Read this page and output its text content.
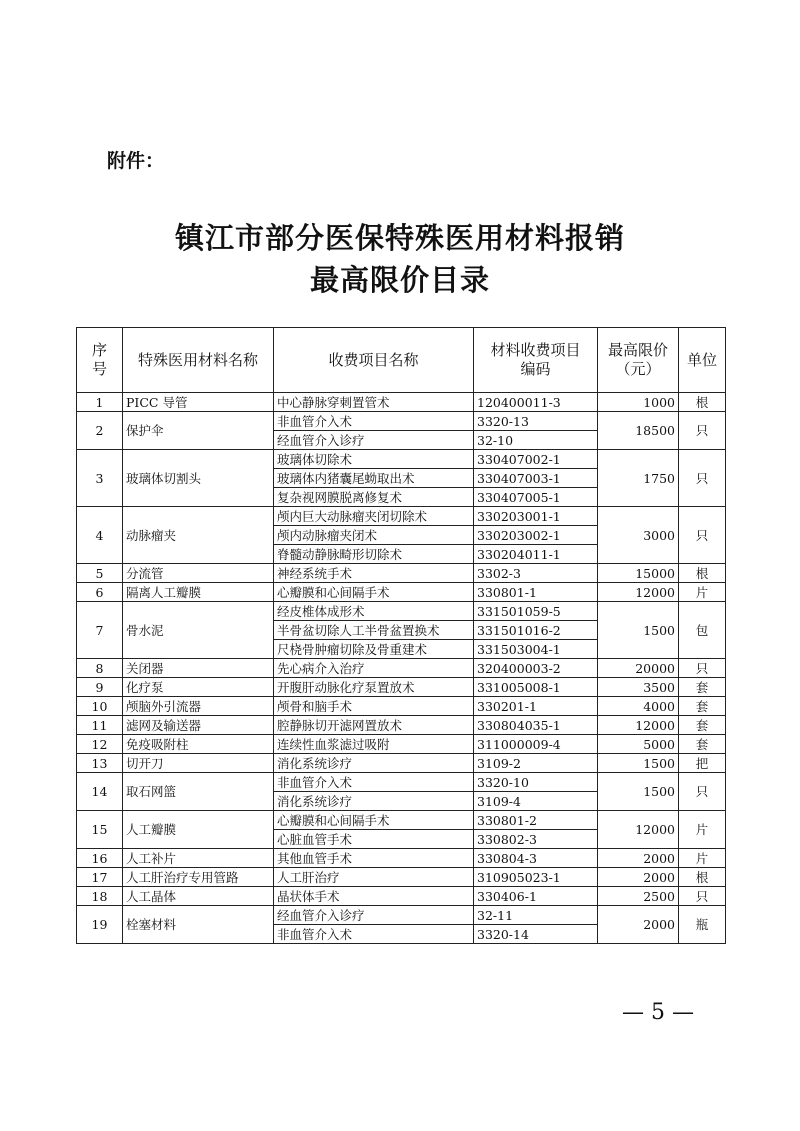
附件：
镇江市部分医保特殊医用材料报销
最高限价目录
序号	特殊医用材料名称	收费项目名称	材料收费项目编码	最高限价（元）	单位
1	PICC 导管	中心静脉穿刺置管术	120400011-3	1000	根
2	保护伞	非血管介入术	3320-13	18500	只
		经血管介入诊疗	32-10		
3	玻璃体切割头	玻璃体切除术	330407002-1	1750	只
		玻璃体内猪囊尾蚴取出术	330407003-1		
		复杂视网膜脱离修复术	330407005-1		
4	动脉瘤夹	颅内巨大动脉瘤夹闭切除术	330203001-1	3000	只
		颅内动脉瘤夹闭术	330203002-1		
		脊髓动静脉畸形切除术	330204011-1		
5	分流管	神经系统手术	3302-3	15000	根
6	隔离人工瓣膜	心瓣膜和心间隔手术	330801-1	12000	片
7	骨水泥	经皮椎体成形术	331501059-5	1500	包
		半骨盆切除人工半骨盆置换术	331501016-2		
		尺桡骨肿瘤切除及骨重建术	331503004-1		
8	关闭器	先心病介入治疗	320400003-2	20000	只
9	化疗泵	开腹肝动脉化疗泵置放术	331005008-1	3500	套
10	颅脑外引流器	颅骨和脑手术	330201-1	4000	套
11	滤网及输送器	腔静脉切开滤网置放术	330804035-1	12000	套
12	免疫吸附柱	连续性血浆滤过吸附	311000009-4	5000	套
13	切开刀	消化系统诊疗	3109-2	1500	把
14	取石网篮	非血管介入术	3320-10	1500	只
		消化系统诊疗	3109-4		
15	人工瓣膜	心瓣膜和心间隔手术	330801-2	12000	片
		心脏血管手术	330802-3		
16	人工补片	其他血管手术	330804-3	2000	片
17	人工肝治疗专用管路	人工肝治疗	310905023-1	2000	根
18	人工晶体	晶状体手术	330406-1	2500	只
19	栓塞材料	经血管介入诊疗	32-11	2000	瓶
		非血管介入术	3320-14		
— 5 —
